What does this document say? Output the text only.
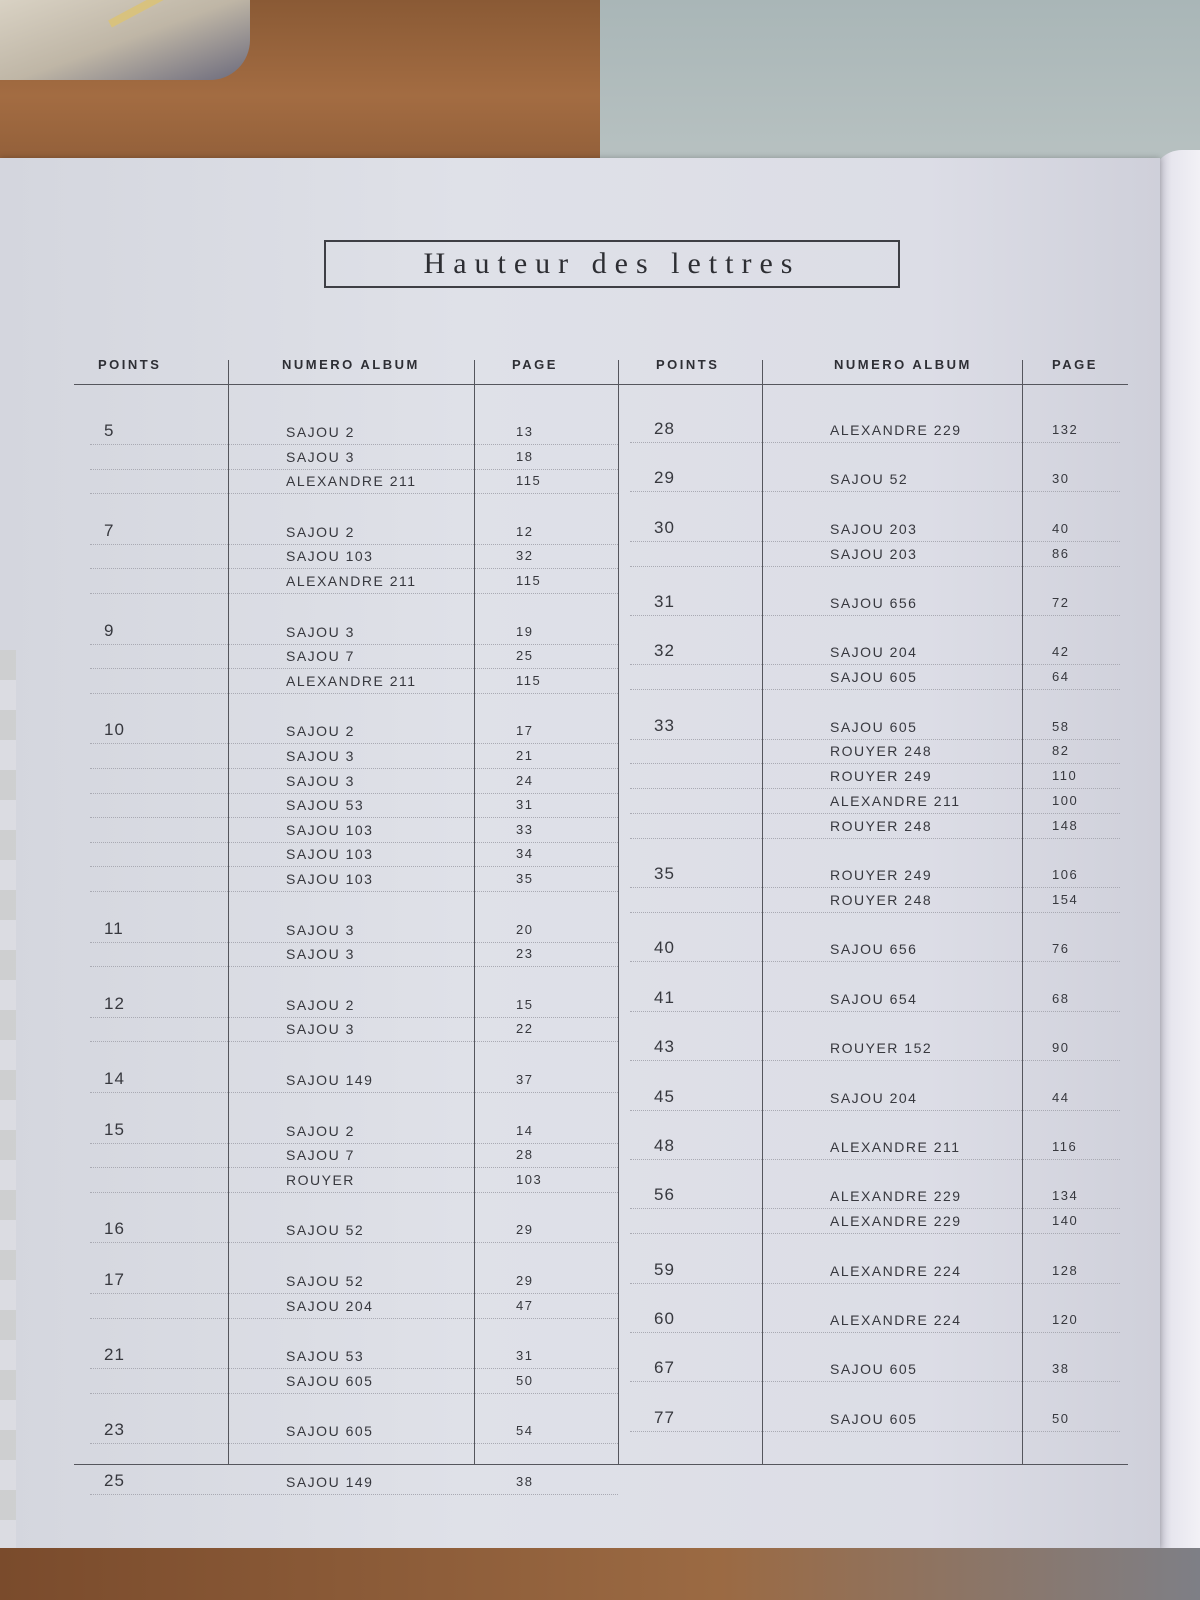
Hauteur des lettres
POINTS	NUMERO ALBUM	PAGE	POINTS	NUMERO ALBUM	PAGE
5	SAJOU 2	13
SAJOU 3	18
ALEXANDRE 211	115
7	SAJOU 2	12
SAJOU 103	32
ALEXANDRE 211	115
9	SAJOU 3	19
SAJOU 7	25
ALEXANDRE 211	115
10	SAJOU 2	17
SAJOU 3	21
SAJOU 3	24
SAJOU 53	31
SAJOU 103	33
SAJOU 103	34
SAJOU 103	35
11	SAJOU 3	20
SAJOU 3	23
12	SAJOU 2	15
SAJOU 3	22
14	SAJOU 149	37
15	SAJOU 2	14
SAJOU 7	28
ROUYER	103
16	SAJOU 52	29
17	SAJOU 52	29
SAJOU 204	47
21	SAJOU 53	31
SAJOU 605	50
23	SAJOU 605	54
25	SAJOU 149	38
28	ALEXANDRE 229	132
29	SAJOU 52	30
30	SAJOU 203	40
SAJOU 203	86
31	SAJOU 656	72
32	SAJOU 204	42
SAJOU 605	64
33	SAJOU 605	58
ROUYER 248	82
ROUYER 249	110
ALEXANDRE 211	100
ROUYER 248	148
35	ROUYER 249	106
ROUYER 248	154
40	SAJOU 656	76
41	SAJOU 654	68
43	ROUYER 152	90
45	SAJOU 204	44
48	ALEXANDRE 211	116
56	ALEXANDRE 229	134
ALEXANDRE 229	140
59	ALEXANDRE 224	128
60	ALEXANDRE 224	120
67	SAJOU 605	38
77	SAJOU 605	50
